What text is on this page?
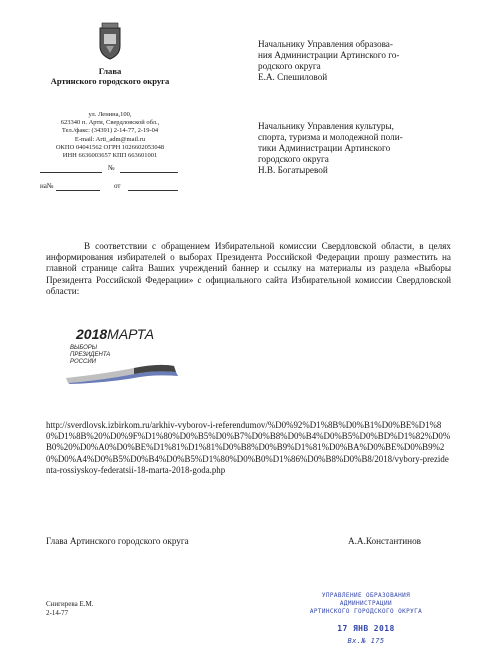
Глава
Артинского городского округа
ул. Ленина,100,
623340 п. Арти, Свердловской обл.,
Тел./факс: (34391) 2-14-77, 2-19-04
E-mail: Arti_adm@mail.ru
ОКПО 04041562 ОГРН 1026602053048
ИНН 6636003657 КПП 663601001
№
на№	от
Начальнику Управления образова-
ния Администрации Артинского го-
родского округа
Е.А. Спешиловой
Начальнику Управления культуры,
спорта, туризма и молодежной поли-
тики Администрации Артинского
городского округа
Н.В. Богатыревой
В соответствии с обращением Избирательной комиссии Свердловской области, в целях информирования избирателей о выборах Президента Российской Федерации прошу разместить на главной странице сайта Ваших учреждений баннер и ссылку на материалы из раздела «Выборы Президента Российской Федерации» с официального сайта Избирательной комиссии Свердловской области:
2018МАРТА
ВЫБОРЫ
ПРЕЗИДЕНТА
РОССИИ
http://sverdlovsk.izbirkom.ru/arkhiv-vyborov-i-referendumov/%D0%92%D1%8B%D0%B1%D0%BE%D1%80%D1%8B%20%D0%9F%D1%80%D0%B5%D0%B7%D0%B8%D0%B4%D0%B5%D0%BD%D1%82%D0%B0%20%D0%A0%D0%BE%D1%81%D1%81%D0%B8%D0%B9%D1%81%D0%BA%D0%BE%D0%B9%20%D0%A4%D0%B5%D0%B4%D0%B5%D1%80%D0%B0%D1%86%D0%B8%D0%B8/2018/vybory-prezidenta-rossiyskoy-federatsii-18-marta-2018-goda.php
Глава Артинского городского округа	А.А.Константинов
Снигирева Е.М.
2-14-77
УПРАВЛЕНИЕ ОБРАЗОВАНИЯ
АДМИНИСТРАЦИИ
АРТИНСКОГО ГОРОДСКОГО ОКРУГА
17 ЯНВ 2018
Вх.№ 175
